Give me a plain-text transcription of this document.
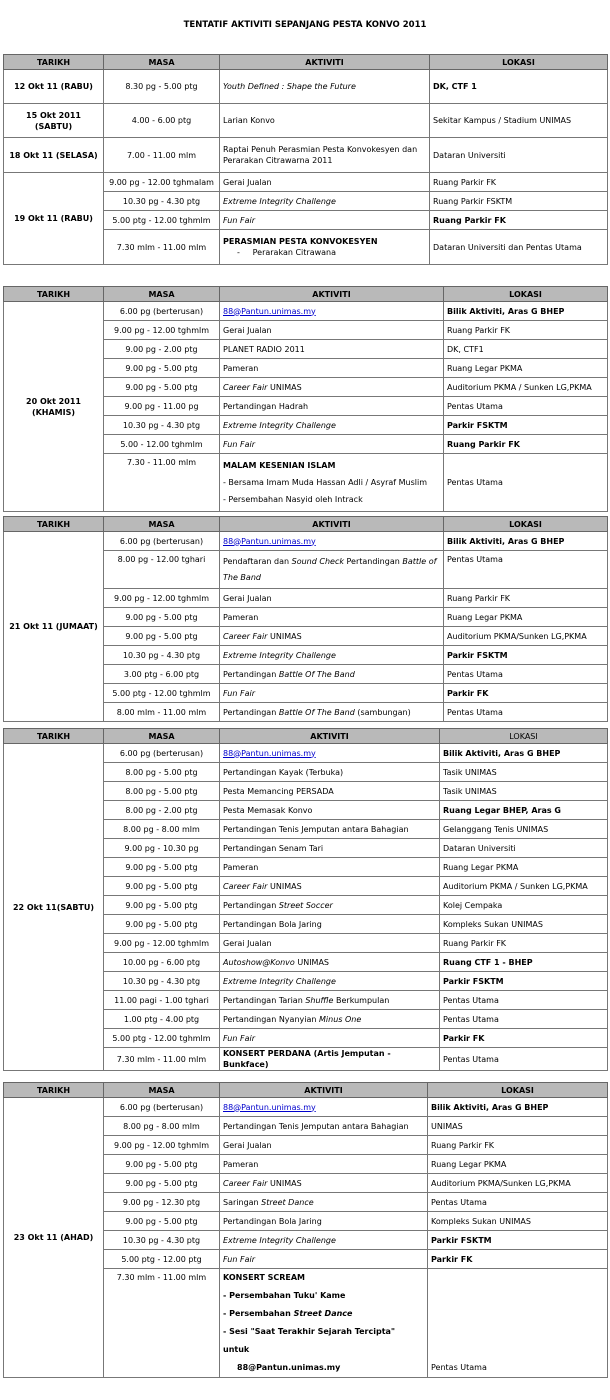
TENTATIF AKTIVITI SEPANJANG PESTA KONVO 2011
TARIKH	MASA	AKTIVITI	LOKASI
12 Okt 11 (RABU)	8.30 pg - 5.00 ptg	Youth Defined : Shape the Future	DK, CTF 1
15 Okt 2011 (SABTU)	4.00 - 6.00 ptg	Larian Konvo	Sekitar Kampus / Stadium UNIMAS
18 Okt 11 (SELASA)	7.00 - 11.00 mlm	Raptai Penuh Perasmian Pesta Konvokesyen dan
Perarakan Citrawarna 2011	Dataran Universiti
19 Okt 11 (RABU)	9.00 pg - 12.00 tghmalam	Gerai Jualan	Ruang Parkir FK
	10.30 pg - 4.30 ptg	Extreme Integrity Challenge	Ruang Parkir FSKTM
	5.00 ptg - 12.00 tghmlm	Fun Fair	Ruang Parkir FK
	7.30 mlm - 11.00 mlm	PERASMIAN PESTA KONVOKESYEN
-     Perarakan Citrawana	Dataran Universiti dan Pentas Utama
TARIKH	MASA	AKTIVITI	LOKASI
20 Okt 2011 (KHAMIS)	6.00 pg (berterusan)	88@Pantun.unimas.my	Bilik Aktiviti, Aras G BHEP
	9.00 pg - 12.00 tghmlm	Gerai Jualan	Ruang Parkir FK
	9.00 pg - 2.00 ptg	PLANET RADIO 2011	DK, CTF1
	9.00 pg - 5.00 ptg	Pameran	Ruang Legar PKMA
	9.00 pg - 5.00 ptg	Career Fair UNIMAS	Auditorium PKMA / Sunken LG,PKMA
	9.00 pg - 11.00 pg	Pertandingan Hadrah	Pentas Utama
	10.30 pg - 4.30 ptg	Extreme Integrity Challenge	Parkir FSKTM
	5.00 - 12.00 tghmlm	Fun Fair	Ruang Parkir FK
	7.30 - 11.00 mlm	MALAM KESENIAN ISLAM
- Bersama Imam Muda Hassan Adli / Asyraf Muslim
- Persembahan Nasyid oleh Intrack	Pentas Utama
TARIKH	MASA	AKTIVITI	LOKASI
21 Okt 11 (JUMAAT)	6.00 pg (berterusan)	88@Pantun.unimas.my	Bilik Aktiviti, Aras G BHEP
	8.00 pg - 12.00 tghari	Pendaftaran dan Sound Check Pertandingan Battle of
The Band	Pentas Utama
	9.00 pg - 12.00 tghmlm	Gerai Jualan	Ruang Parkir FK
	9.00 pg - 5.00 ptg	Pameran	Ruang Legar PKMA
	9.00 pg - 5.00 ptg	Career Fair UNIMAS	Auditorium PKMA/Sunken LG,PKMA
	10.30 pg - 4.30 ptg	Extreme Integrity Challenge	Parkir FSKTM
	3.00 ptg - 6.00 ptg	Pertandingan Battle Of The Band	Pentas Utama
	5.00 ptg - 12.00 tghmlm	Fun Fair	Parkir FK
	8.00 mlm - 11.00 mlm	Pertandingan Battle Of The Band (sambungan)	Pentas Utama
TARIKH	MASA	AKTIVITI	LOKASI
22 Okt 11(SABTU)	6.00 pg (berterusan)	88@Pantun.unimas.my	Bilik Aktiviti, Aras G BHEP
	8.00 pg - 5.00 ptg	Pertandingan Kayak (Terbuka)	Tasik UNIMAS
	8.00 pg - 5.00 ptg	Pesta Memancing PERSADA	Tasik UNIMAS
	8.00 pg - 2.00 ptg	Pesta Memasak Konvo	Ruang Legar BHEP, Aras G
	8.00 pg - 8.00 mlm	Pertandingan Tenis Jemputan antara Bahagian	Gelanggang Tenis UNIMAS
	9.00 pg - 10.30 pg	Pertandingan Senam Tari	Dataran Universiti
	9.00 pg - 5.00 ptg	Pameran	Ruang Legar PKMA
	9.00 pg - 5.00 ptg	Career Fair UNIMAS	Auditorium PKMA / Sunken LG,PKMA
	9.00 pg - 5.00 ptg	Pertandingan Street Soccer	Kolej Cempaka
	9.00 pg - 5.00 ptg	Pertandingan Bola Jaring	Kompleks Sukan UNIMAS
	9.00 pg - 12.00 tghmlm	Gerai Jualan	Ruang Parkir FK
	10.00 pg - 6.00 ptg	Autoshow@Konvo UNIMAS	Ruang CTF 1 - BHEP
	10.30 pg - 4.30 ptg	Extreme Integrity Challenge	Parkir FSKTM
	11.00 pagi - 1.00 tghari	Pertandingan Tarian Shuffle Berkumpulan	Pentas Utama
	1.00 ptg - 4.00 ptg	Pertandingan Nyanyian Minus One	Pentas Utama
	5.00 ptg - 12.00 tghmlm	Fun Fair	Parkir FK
	7.30 mlm - 11.00 mlm	KONSERT PERDANA (Artis Jemputan - Bunkface)	Pentas Utama
TARIKH	MASA	AKTIVITI	LOKASI
23 Okt 11 (AHAD)	6.00 pg (berterusan)	88@Pantun.unimas.my	Bilik Aktiviti, Aras G BHEP
	8.00 pg - 8.00 mlm	Pertandingan Tenis Jemputan antara Bahagian	UNIMAS
	9.00 pg - 12.00 tghmlm	Gerai Jualan	Ruang Parkir FK
	9.00 pg - 5.00 ptg	Pameran	Ruang Legar PKMA
	9.00 pg - 5.00 ptg	Career Fair UNIMAS	Auditorium PKMA/Sunken LG,PKMA
	9.00 pg - 12.30 ptg	Saringan Street Dance	Pentas Utama
	9.00 pg - 5.00 ptg	Pertandingan Bola Jaring	Kompleks Sukan UNIMAS
	10.30 pg - 4.30 ptg	Extreme Integrity Challenge	Parkir FSKTM
	5.00 ptg - 12.00 ptg	Fun Fair	Parkir FK
	7.30 mlm - 11.00 mlm	KONSERT SCREAM
- Persembahan Tuku' Kame
- Persembahan Street Dance
- Sesi "Saat Terakhir Sejarah Tercipta" untuk
88@Pantun.unimas.my	Pentas Utama
